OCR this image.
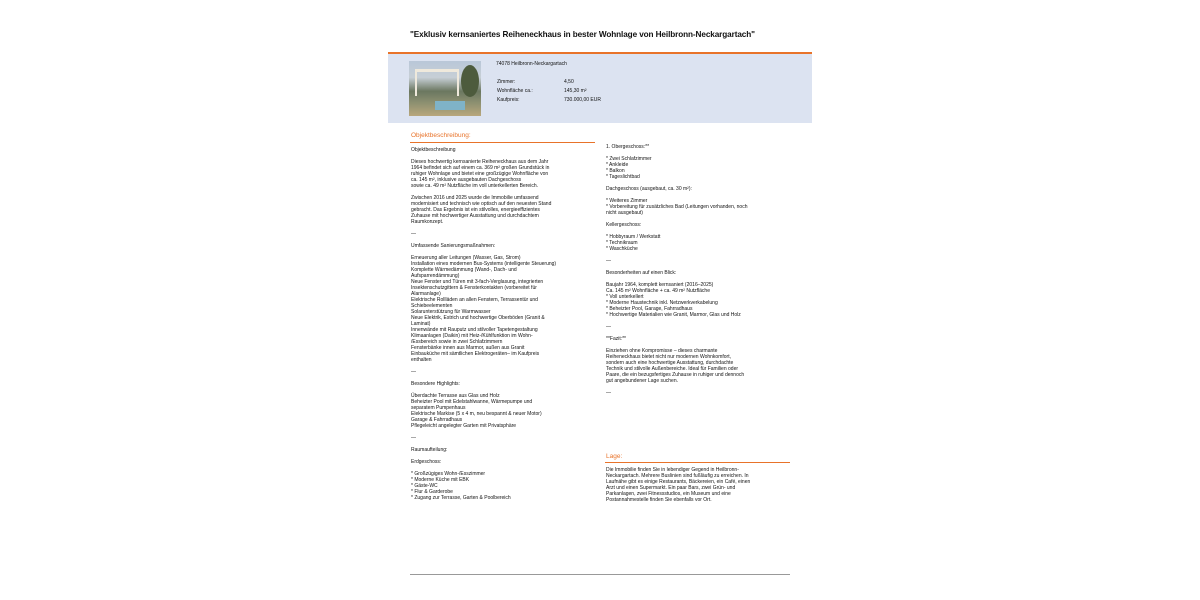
"Exklusiv kernsaniertes Reiheneckhaus in bester Wohnlage von Heilbronn-Neckargartach"
74078 Heilbronn-Neckargartach
Zimmer:	4,50
Wohnfläche ca.:	145,30 m²
Kaufpreis:	730.000,00 EUR
Objektbeschreibung:
Objektbeschreibung

Dieses hochwertig kernsanierte Reiheneckhaus aus dem Jahr
1964 befindet sich auf einem ca. 369 m² großen Grundstück in
ruhiger Wohnlage und bietet eine großzügige Wohnfläche von
ca. 145 m², inklusive ausgebauten Dachgeschoss
sowie ca. 49 m² Nutzfläche im voll unterkellerten Bereich.

Zwischen 2016 und 2025 wurde die Immobilie umfassend
modernisiert und technisch wie optisch auf den neuesten Stand
gebracht. Das Ergebnis ist ein stilvolles, energieeffizientes
Zuhause mit hochwertiger Ausstattung und durchdachtem
Raumkonzept.

—

Umfassende Sanierungsmaßnahmen:

Erneuerung aller Leitungen (Wasser, Gas, Strom)
Installation eines modernen Bus-Systems (intelligente Steuerung)
Komplette Wärmedämmung (Wand-, Dach- und
Aufsparrendämmung)
Neue Fenster und Türen mit 3-fach-Verglasung, integrierten
Insektenschutzgittern & Fensterkontakten (vorbereitet für
Alarmanlage)
Elektrische Rollläden an allen Fenstern, Terrassentür und
Schiebeelementen
Solarunterstützung für Warmwasser
Neue Elektrik, Estrich und hochwertige Oberböden (Granit &
Laminat)
Innenwände mit Rauputz und stilvoller Tapetengestaltung
Klimaanlagen (Daikin) mit Heiz-/Kühlfunktion im Wohn-
/Essbereich sowie in zwei Schlafzimmern
Fensterbänke innen aus Marmor, außen aus Granit
Einbauküche mit sämtlichen Elektrogeräten– im Kaufpreis
enthalten

—

Besondere Highlights:

Überdachte Terrasse aus Glas und Holz
Beheizter Pool mit Edelstahlwanne, Wärmepumpe und
separatem Pumpenhaus
Elektrische Markise (5 x 4 m, neu bespannt & neuer Motor)
Garage & Fahrradhaus
Pflegeleicht angelegter Garten mit Privatsphäre

—

Raumaufteilung:

Erdgeschoss:

* Großzügiges Wohn-/Esszimmer
* Moderne Küche mit EBK
* Gäste-WC
* Flur & Garderobe
* Zugang zur Terrasse, Garten & Poolbereich
1. Obergeschoss:**

* Zwei Schlafzimmer
* Ankleide
* Balkon
* Tageslichtbad

Dachgeschoss (ausgebaut, ca. 30 m²):

* Weiteres Zimmer
* Vorbereitung für zusätzliches Bad (Leitungen vorhanden, noch
nicht ausgebaut)

Kellergeschoss:

* Hobbyraum / Werkstatt
* Technikraum
* Waschküche

—

Besonderheiten auf einen Blick:

Baujahr 1964, komplett kernsaniert (2016–2025)
Ca. 145 m² Wohnfläche + ca. 49 m² Nutzfläche
* Voll unterkellert
* Moderne Haustechnik inkl. Netzwerkverkabelung
* Beheizter Pool, Garage, Fahrradhaus
* Hochwertige Materialien wie Granit, Marmor, Glas und Holz

—

**Fazit:**

Einziehen ohne Kompromisse – dieses charmante
Reiheneckhaus bietet nicht nur modernen Wohnkomfort,
sondern auch eine hochwertige Ausstattung, durchdachte
Technik und stilvolle Außenbereiche. Ideal für Familien oder
Paare, die ein bezugsfertiges Zuhause in ruhiger und dennoch
gut angebundener Lage suchen.

—
Lage:
Die Immobilie finden Sie in lebendiger Gegend in Heilbronn-
Neckargartach. Mehrere Buslinien sind fußläufig zu erreichen. In
Laufnähe gibt es einige Restaurants, Bäckereien, ein Café, einen
Arzt und einen Supermarkt. Ein paar Bars, zwei Grün- und
Parkanlagen, zwei Fitnessstudios, ein Museum und eine
Postannahmestelle finden Sie ebenfalls vor Ort.
